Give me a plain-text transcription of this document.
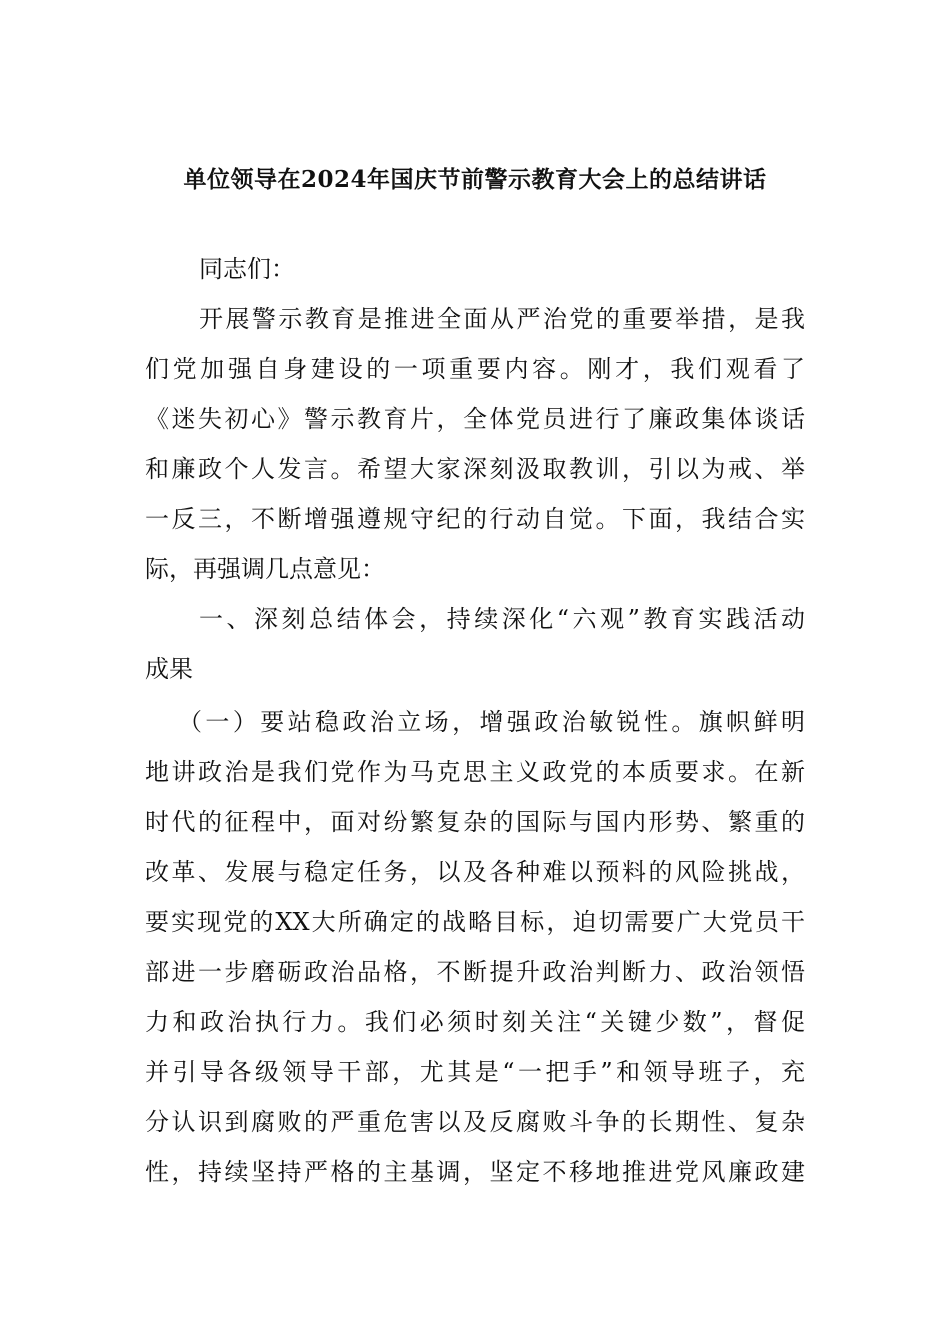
单位领导在2024年国庆节前警示教育大会上的总结讲话
同志们：
开展警示教育是推进全面从严治党的重要举措，是我
们党加强自身建设的一项重要内容。刚才，我们观看了
《迷失初心》警示教育片，全体党员进行了廉政集体谈话
和廉政个人发言。希望大家深刻汲取教训，引以为戒、举
一反三，不断增强遵规守纪的行动自觉。下面，我结合实
际，再强调几点意见：
一、深刻总结体会，持续深化“六观”教育实践活动
成果
（一）要站稳政治立场，增强政治敏锐性。旗帜鲜明
地讲政治是我们党作为马克思主义政党的本质要求。在新
时代的征程中，面对纷繁复杂的国际与国内形势、繁重的
改革、发展与稳定任务，以及各种难以预料的风险挑战，
要实现党的XX大所确定的战略目标，迫切需要广大党员干
部进一步磨砺政治品格，不断提升政治判断力、政治领悟
力和政治执行力。我们必须时刻关注“关键少数”，督促
并引导各级领导干部，尤其是“一把手”和领导班子，充
分认识到腐败的严重危害以及反腐败斗争的长期性、复杂
性，持续坚持严格的主基调，坚定不移地推进党风廉政建
